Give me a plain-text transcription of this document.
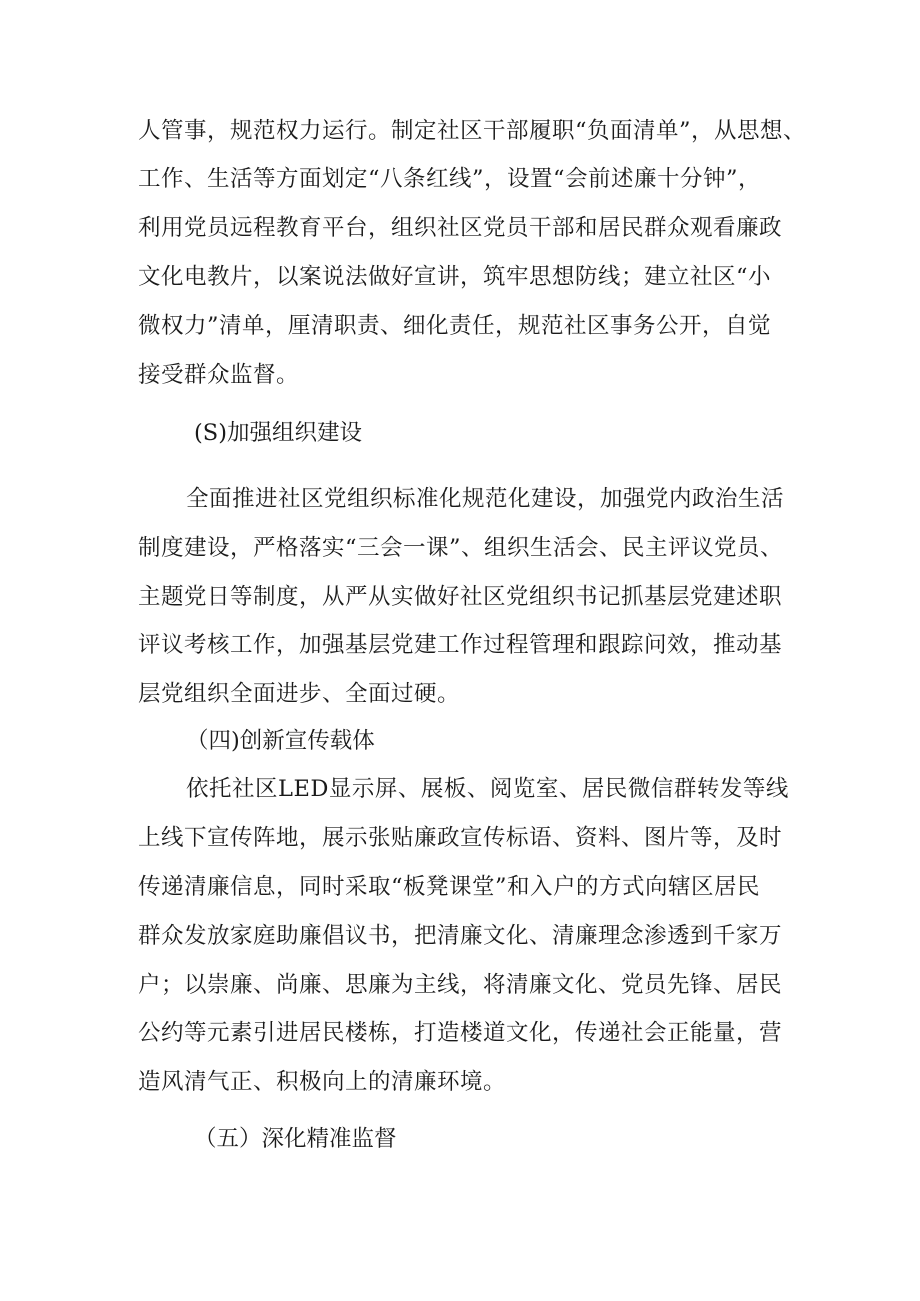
人管事，规范权力运行。制定社区干部履职“负面清单”，从思想、
工作、生活等方面划定“八条红线”，设置“会前述廉十分钟”，
利用党员远程教育平台，组织社区党员干部和居民群众观看廉政
文化电教片，以案说法做好宣讲，筑牢思想防线；建立社区“小
微权力”清单，厘清职责、细化责任，规范社区事务公开，自觉
接受群众监督。
(S)加强组织建设
全面推进社区党组织标准化规范化建设，加强党内政治生活
制度建设，严格落实“三会一课”、组织生活会、民主评议党员、
主题党日等制度，从严从实做好社区党组织书记抓基层党建述职
评议考核工作，加强基层党建工作过程管理和跟踪问效，推动基
层党组织全面进步、全面过硬。
（四)创新宣传载体
依托社区LED显示屏、展板、阅览室、居民微信群转发等线
上线下宣传阵地，展示张贴廉政宣传标语、资料、图片等，及时
传递清廉信息，同时采取“板凳课堂”和入户的方式向辖区居民
群众发放家庭助廉倡议书，把清廉文化、清廉理念渗透到千家万
户；以崇廉、尚廉、思廉为主线，将清廉文化、党员先锋、居民
公约等元素引进居民楼栋，打造楼道文化，传递社会正能量，营
造风清气正、积极向上的清廉环境。
（五）深化精准监督
